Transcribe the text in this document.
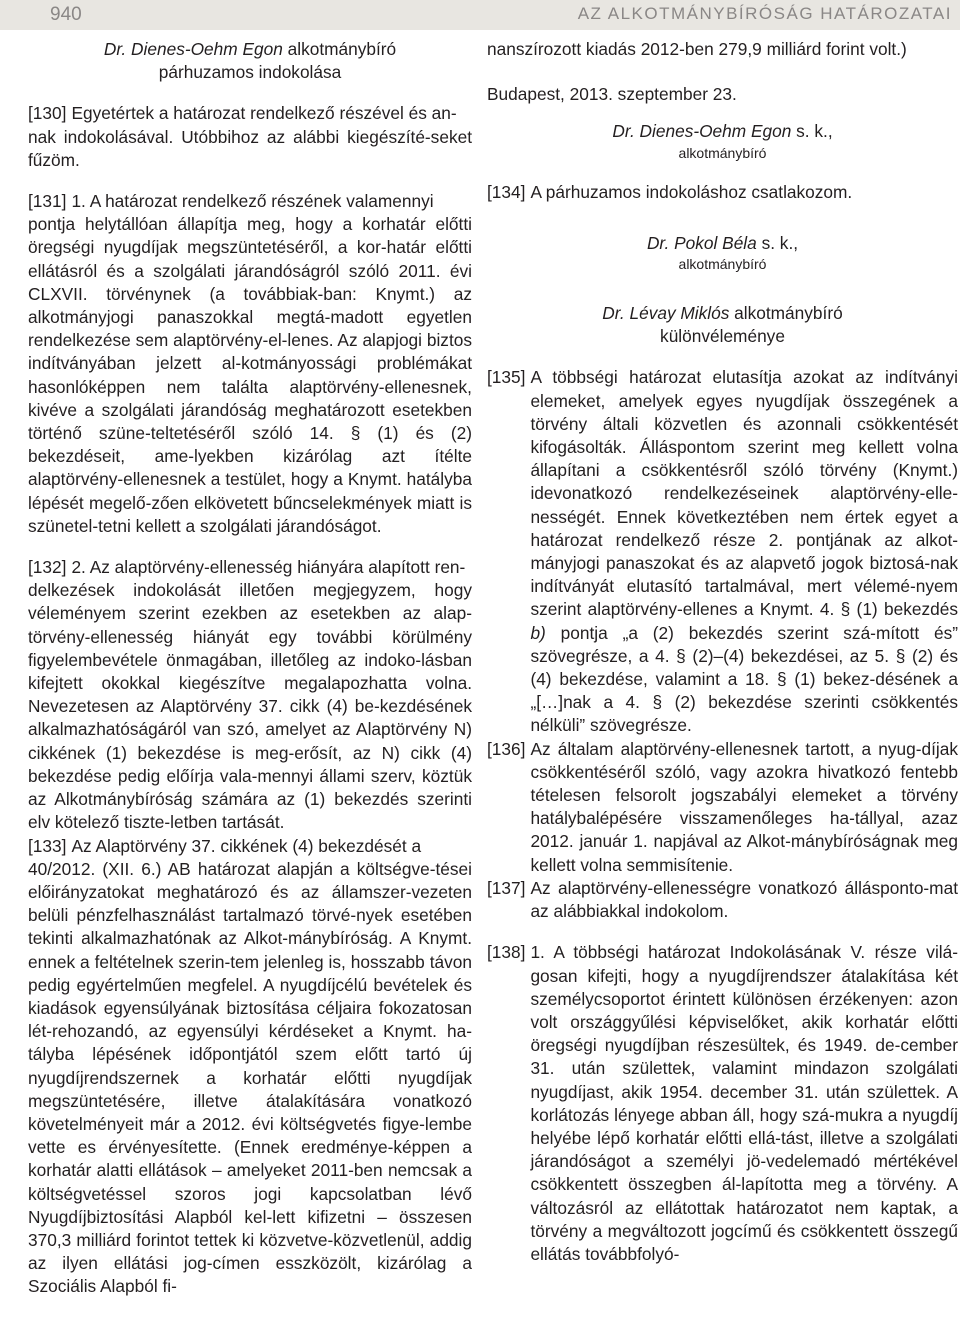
940	AZ ALKOTMÁNYBÍRÓSÁG HATÁROZATAI

Dr. Dienes-Oehm Egon alkotmánybíró

párhuzamos indokolása

[130] Egyetértek a határozat rendelkező részével és an-

nak indokolásával. Utóbbihoz az alábbi kiegészíté-seket fűzöm.

[131] 1. A határozat rendelkező részének valamennyi

pontja helytállóan állapítja meg, hogy a korhatár előtti öregségi nyugdíjak megszüntetéséről, a kor-határ előtti ellátásról és a szolgálati járandóságról szóló 2011. évi CLXVII. törvénynek (a továbbiak-ban: Knymt.) az alkotmányjogi panaszokkal megtá-madott egyetlen rendelkezése sem alaptörvény-el-lenes. Az alapjogi biztos indítványában jelzett al-kotmányossági problémákat hasonlóképpen nem találta alaptörvény-ellenesnek, kivéve a szolgálati járandóság meghatározott esetekben történő szüne-teltetéséről szóló 14. § (1) és (2) bekezdéseit, ame-lyekben kizárólag azt ítélte alaptörvény-ellenesnek a testület, hogy a Knymt. hatályba lépését megelő-zően elkövetett bűncselekmények miatt is szünetel-tetni kellett a szolgálati járandóságot.

[132] 2. Az alaptörvény-ellenesség hiányára alapított ren-

delkezések indokolását illetően megjegyzem, hogy véleményem szerint ezekben az esetekben az alap-törvény-ellenesség hiányát egy további körülmény figyelembevétele önmagában, illetőleg az indoko-lásban kifejtett okokkal kiegészítve megalapozhatta volna. Nevezetesen az Alaptörvény 37. cikk (4) be-kezdésének alkalmazhatóságáról van szó, amelyet az Alaptörvény N) cikkének (1) bekezdése is meg-erősít, az N) cikk (4) bekezdése pedig előírja vala-mennyi állami szerv, köztük az Alkotmánybíróság számára az (1) bekezdés szerinti elv kötelező tiszte-letben tartását.

[133] Az Alaptörvény 37. cikkének (4) bekezdését a

40/2012. (XII. 6.) AB határozat alapján a költségve-tései előirányzatokat meghatározó és az államszer-vezeten belüli pénzfelhasználást tartalmazó törvé-nyek esetében tekinti alkalmazhatónak az Alkot-mánybíróság. A Knymt. ennek a feltételnek szerin-tem jelenleg is, hosszabb távon pedig egyértelműen megfelel. A nyugdíjcélú bevételek és kiadások egyensúlyának biztosítása céljaira fokozatosan lét-rehozandó, az egyensúlyi kérdéseket a Knymt. ha-tályba lépésének időpontjától szem előtt tartó új nyugdíjrendszernek a korhatár előtti nyugdíjak megszüntetésére, illetve átalakítására vonatkozó követelményeit már a 2012. évi költségvetés figye-lembe vette es érvényesítette. (Ennek eredménye-képpen a korhatár alatti ellátások – amelyeket 2011-ben nemcsak a költségvetéssel szoros jogi kapcsolatban lévő Nyugdíjbiztosítási Alapból kel-lett kifizetni – összesen 370,3 milliárd forintot tettek ki közvetve-közvetlenül, addig az ilyen ellátási jog-címen esszközölt, kizárólag a Szociális Alapból fi-

nanszírozott kiadás 2012-ben 279,9 milliárd forint volt.)

Budapest, 2013. szeptember 23.

Dr. Dienes-Oehm Egon s. k.,

alkotmánybíró

[134] A párhuzamos indokoláshoz csatlakozom.

Dr. Pokol Béla s. k.,

alkotmánybíró

Dr. Lévay Miklós alkotmánybíró

különvéleménye

[135] A többségi határozat elutasítja azokat az indítványi elemeket, amelyek egyes nyugdíjak összegének a törvény általi közvetlen és azonnali csökkentését kifogásolták. Álláspontom szerint meg kellett volna állapítani a csökkentésről szóló törvény (Knymt.) idevonatkozó rendelkezéseinek alaptörvény-elle-nességét. Ennek következtében nem értek egyet a határozat rendelkező része 2. pontjának az alkot-mányjogi panaszokat és az alapvető jogok biztosá-nak indítványát elutasító tartalmával, mert vélemé-nyem szerint alaptörvény-ellenes a Knymt. 4. § (1) bekezdés b) pontja „a (2) bekezdés szerint szá-mított és” szövegrésze, a 4. § (2)–(4) bekezdései, az 5. § (2) és (4) bekezdése, valamint a 18. § (1) bekez-désének a „[…]nak a 4. § (2) bekezdése szerinti csökkentés nélküli” szövegrésze.
[136] Az általam alaptörvény-ellenesnek tartott, a nyug-díjak csökkentéséről szóló, vagy azokra hivatkozó fentebb tételesen felsorolt jogszabályi elemeket a törvény hatálybalépésére visszamenőleges ha-tállyal, azaz 2012. január 1. napjával az Alkot-mánybíróságnak meg kellett volna semmisítenie.
[137] Az alaptörvény-ellenességre vonatkozó állásponto-mat az alábbiakkal indokolom.
[138] 1. A többségi határozat Indokolásának V. része vilá-gosan kifejti, hogy a nyugdíjrendszer átalakítása két személycsoportot érintett különösen érzékenyen: azon volt országgyűlési képviselőket, akik korhatár előtti öregségi nyugdíjban részesültek, és 1949. de-cember 31. után születtek, valamint mindazon szolgálati nyugdíjast, akik 1954. december 31. után születtek. A korlátozás lényege abban áll, hogy szá-mukra a nyugdíj helyébe lépő korhatár előtti ellá-tást, illetve a szolgálati járandóságot a személyi jö-vedelemadó mértékével csökkentett összegben ál-lapította meg a törvény. A változásról az ellátottak határozatot nem kaptak, a törvény a megváltozott jogcímű és csökkentett összegű ellátás továbbfolyó-
